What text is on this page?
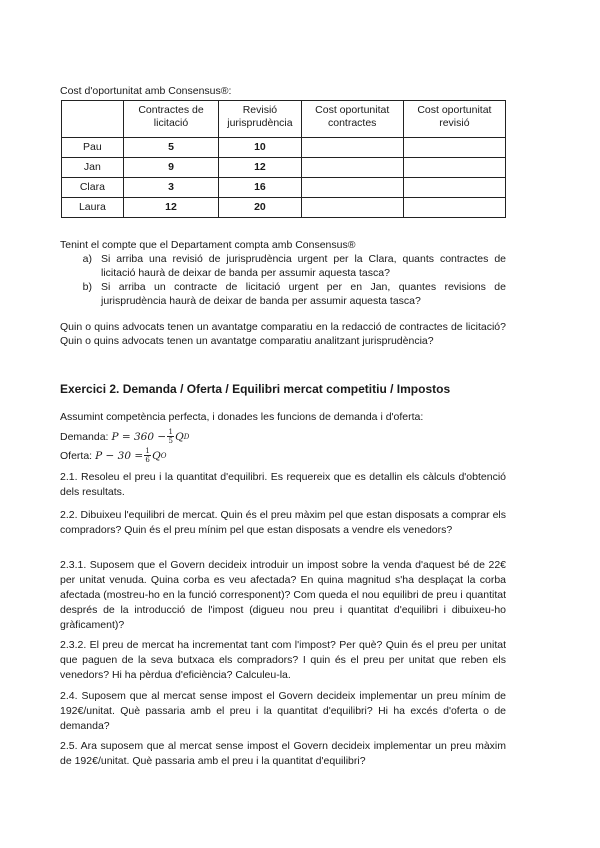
Cost d'oportunitat amb Consensus®:

	Contractes de licitació	Revisió jurisprudència	Cost oportunitat contractes	Cost oportunitat revisió
Pau	5	10		
Jan	9	12		
Clara	3	16		
Laura	12	20		

Tenint el compte que el Departament compta amb Consensus®

a) Si arriba una revisió de jurisprudència urgent per la Clara, quants contractes de licitació haurà de deixar de banda per assumir aquesta tasca?
b) Si arriba un contracte de licitació urgent per en Jan, quantes revisions de jurisprudència haurà de deixar de banda per assumir aquesta tasca?

Quin o quins advocats tenen un avantatge comparatiu en la redacció de contractes de licitació? Quin o quins advocats tenen un avantatge comparatiu analitzant jurisprudència?

Exercici 2. Demanda / Oferta / Equilibri mercat competitiu / Impostos

Assumint competència perfecta, i donades les funcions de demanda i d'oferta:

Demanda: $P = 360 - \frac{1}{5}$ Q D
Oferta: $P - 30 = \frac{1}{6}$ Q O

2.1. Resoleu el preu i la quantitat d'equilibri. Es requereix que es detallin els càlculs d'obtenció dels resultats.

2.2. Dibuixeu l'equilibri de mercat. Quin és el preu màxim pel que estan disposats a comprar els compradors? Quin és el preu mínim pel que estan disposats a vendre els venedors?

2.3.1. Suposem que el Govern decideix introduir un impost sobre la venda d'aquest bé de 22€ per unitat venuda. Quina corba es veu afectada? En quina magnitud s'ha desplaçat la corba afectada (mostreu-ho en la funció corresponent)? Com queda el nou equilibri de preu i quantitat després de la introducció de l'impost (digueu nou preu i quantitat d'equilibri i dibuixeu-ho gràficament)?

2.3.2. El preu de mercat ha incrementat tant com l'impost? Per què? Quin és el preu per unitat que paguen de la seva butxaca els compradors? I quin és el preu per unitat que reben els venedors? Hi ha pèrdua d'eficiència? Calculeu-la.

2.4. Suposem que al mercat sense impost el Govern decideix implementar un preu mínim de 192€/unitat. Què passaria amb el preu i la quantitat d'equilibri? Hi ha excés d'oferta o de demanda?

2.5. Ara suposem que al mercat sense impost el Govern decideix implementar un preu màxim de 192€/unitat. Què passaria amb el preu i la quantitat d'equilibri?
